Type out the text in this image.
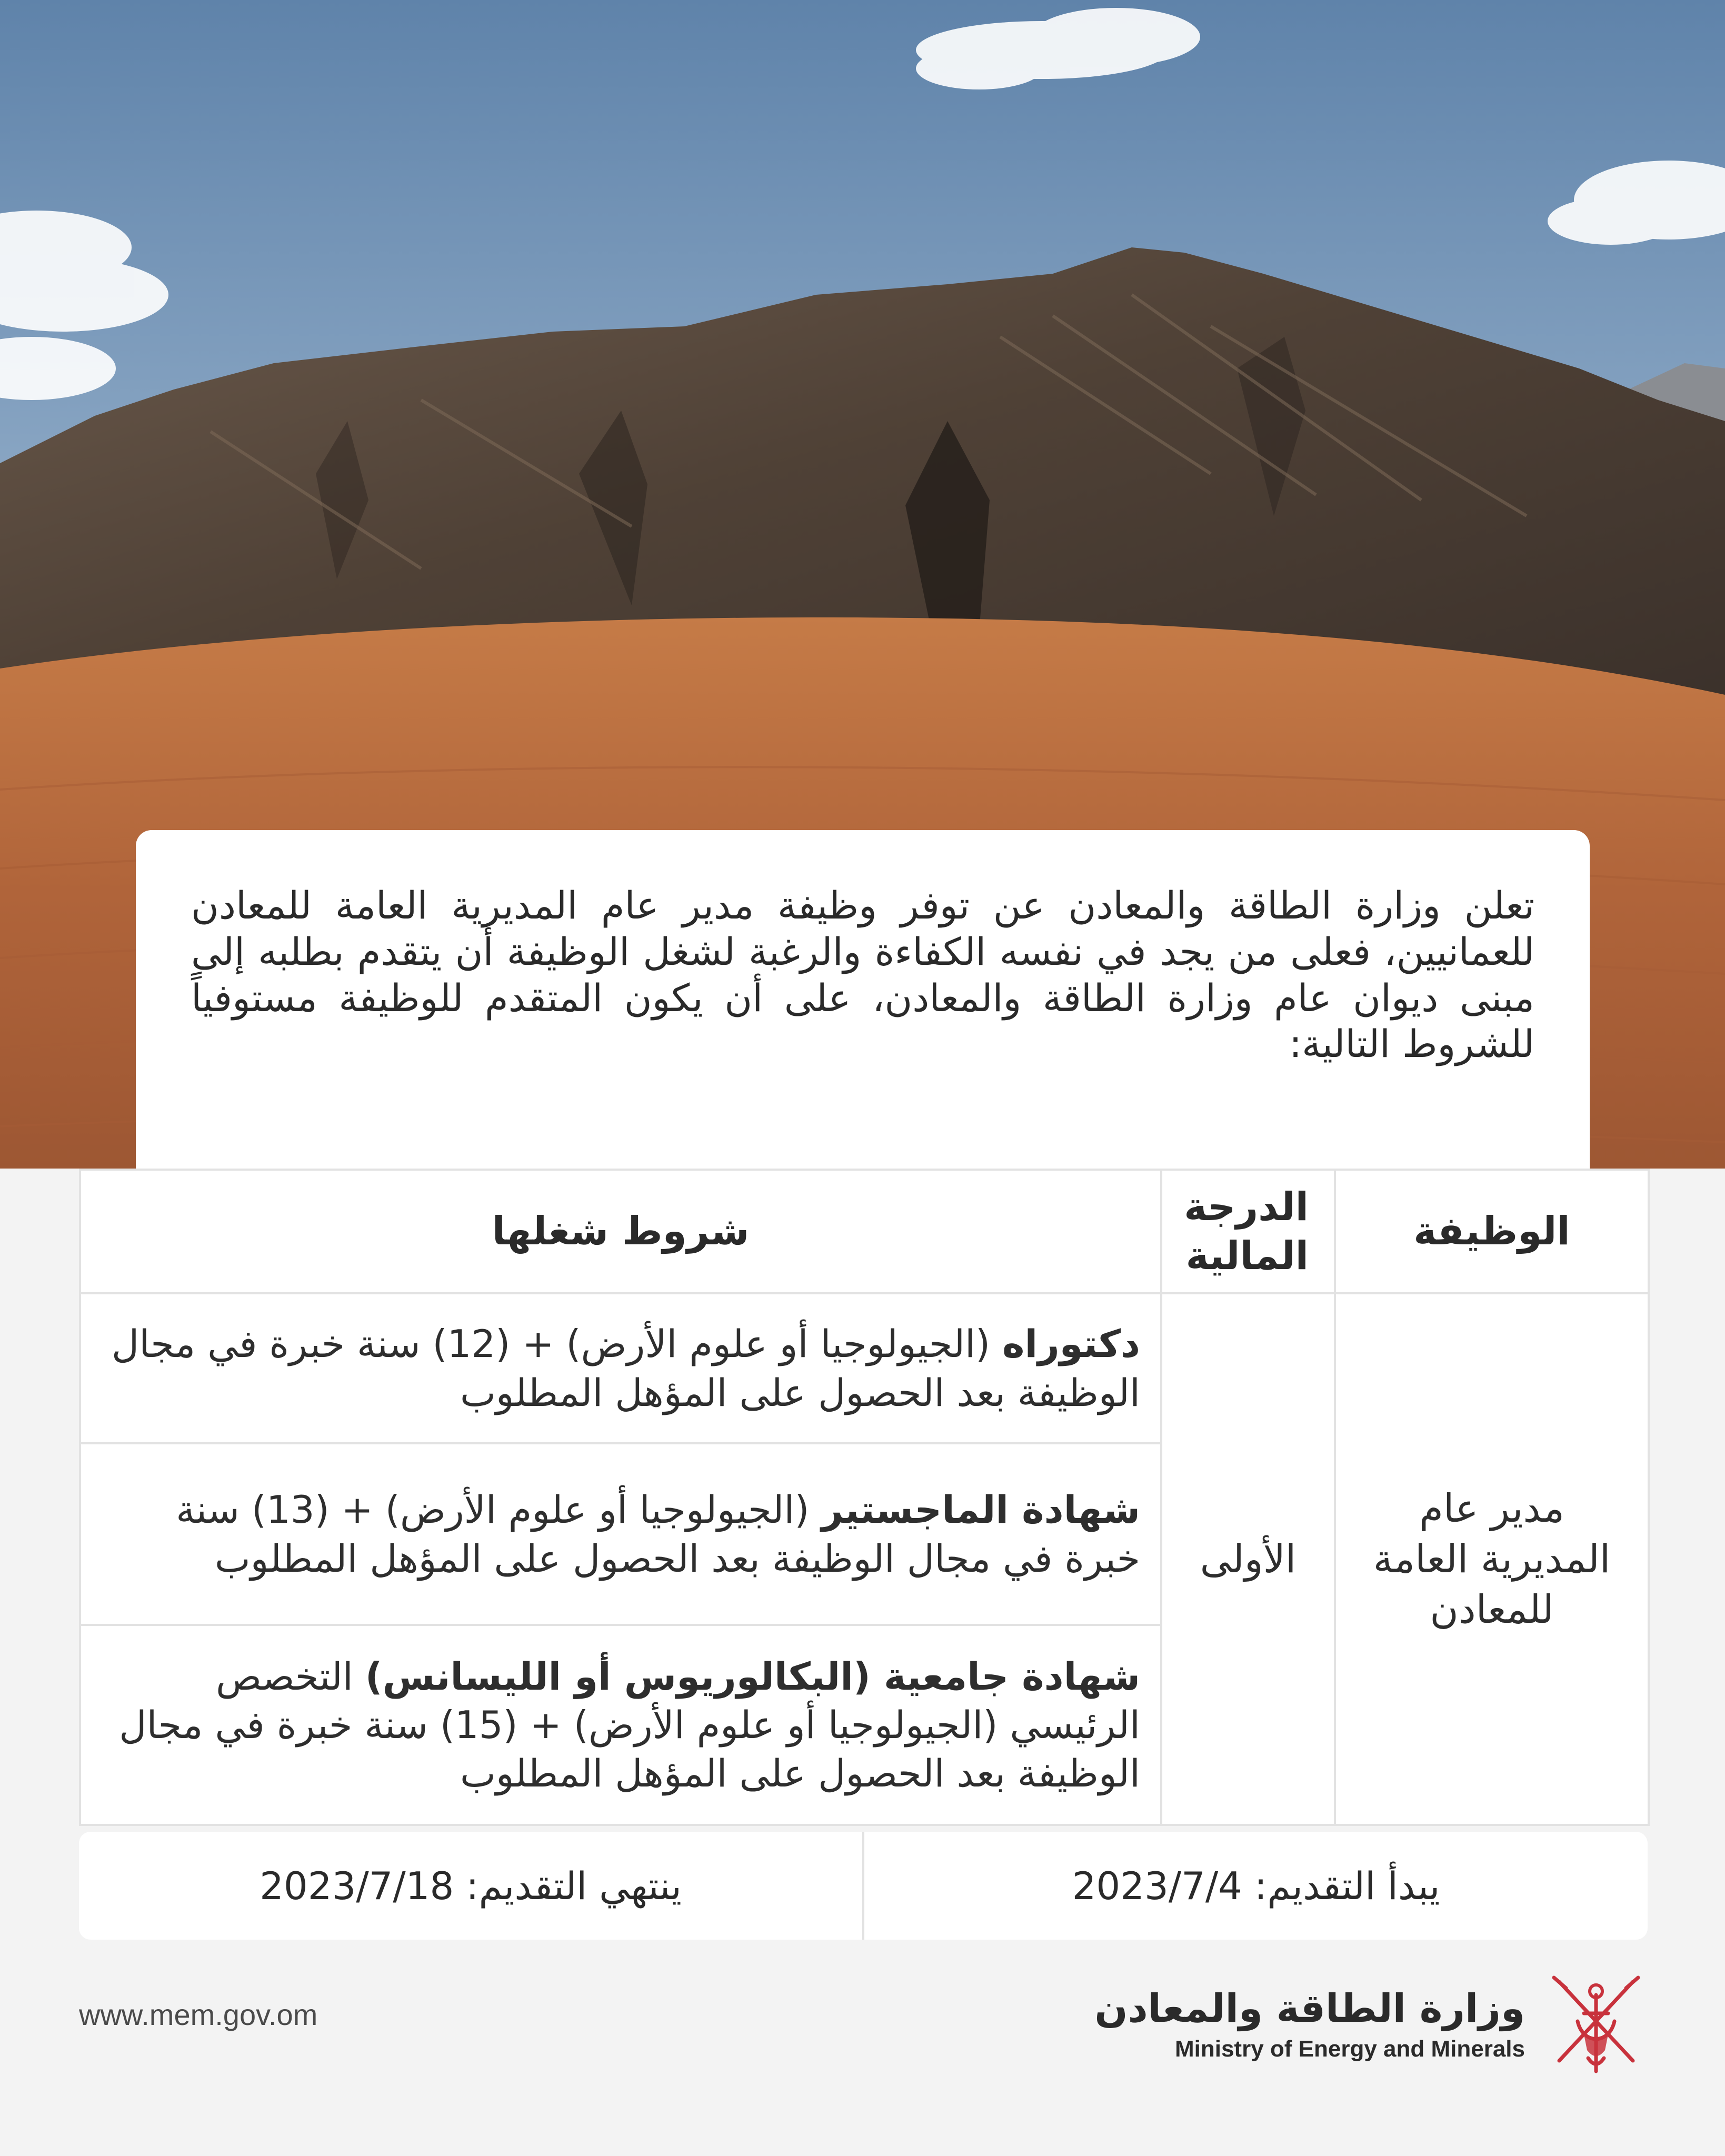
تعلن وزارة الطاقة والمعادن عن توفر وظيفة مدير عام المديرية العامة للمعادن للعمانيين، فعلى من يجد في نفسه الكفاءة والرغبة لشغل الوظيفة أن يتقدم بطلبه إلى مبنى ديوان عام وزارة الطاقة والمعادن، على أن يكون المتقدم للوظيفة مستوفياً للشروط التالية:
الوظيفة	الدرجة المالية	شروط شغلها
مدير عام المديرية العامة للمعادن	الأولى	دكتوراه (الجيولوجيا أو علوم الأرض) + (12) سنة خبرة في مجال الوظيفة بعد الحصول على المؤهل المطلوب
		شهادة الماجستير (الجيولوجيا أو علوم الأرض) + (13) سنة خبرة في مجال الوظيفة بعد الحصول على المؤهل المطلوب
		شهادة جامعية (البكالوريوس أو الليسانس) التخصص الرئيسي (الجيولوجيا أو علوم الأرض) + (15) سنة خبرة في مجال الوظيفة بعد الحصول على المؤهل المطلوب
يبدأ التقديم: 2023/7/4
ينتهي التقديم: 2023/7/18
www.mem.gov.om	وزارة الطاقة والمعادن
Ministry of Energy and Minerals
